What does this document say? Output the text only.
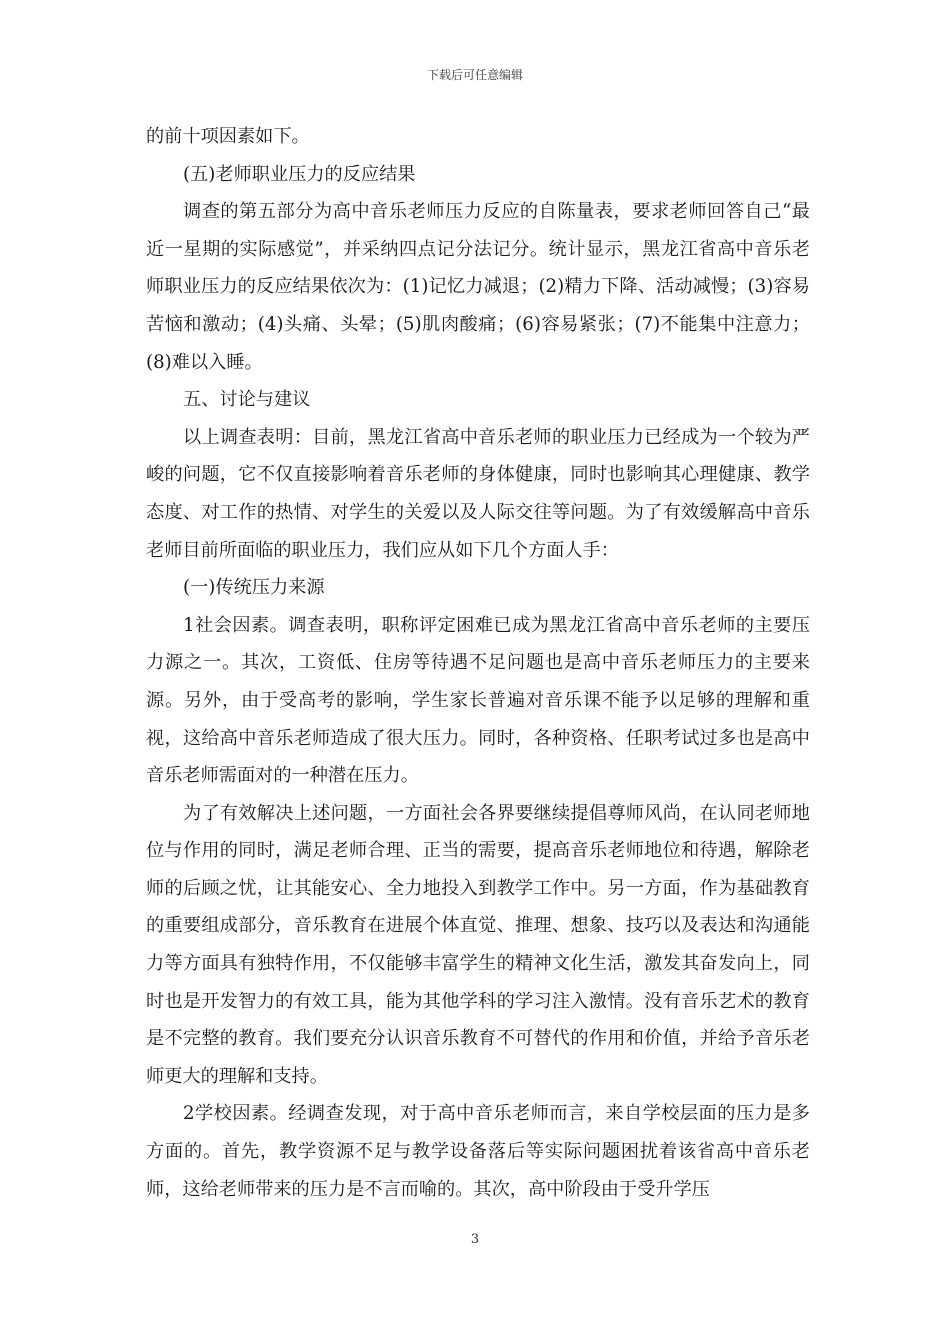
下载后可任意编辑

的前十项因素如下。

(五)老师职业压力的反应结果

调查的第五部分为高中音乐老师压力反应的自陈量表，要求老师回答自己“最近一星期的实际感觉”，并采纳四点记分法记分。统计显示，黑龙江省高中音乐老师职业压力的反应结果依次为：(1)记忆力减退；(2)精力下降、活动减慢；(3)容易苦恼和激动；(4)头痛、头晕；(5)肌肉酸痛；(6)容易紧张；(7)不能集中注意力；(8)难以入睡。

五、讨论与建议

以上调查表明：目前，黑龙江省高中音乐老师的职业压力已经成为一个较为严峻的问题，它不仅直接影响着音乐老师的身体健康，同时也影响其心理健康、教学态度、对工作的热情、对学生的关爱以及人际交往等问题。为了有效缓解高中音乐老师目前所面临的职业压力，我们应从如下几个方面人手：

(一)传统压力来源

1社会因素。调查表明，职称评定困难已成为黑龙江省高中音乐老师的主要压力源之一。其次，工资低、住房等待遇不足问题也是高中音乐老师压力的主要来源。另外，由于受高考的影响，学生家长普遍对音乐课不能予以足够的理解和重视，这给高中音乐老师造成了很大压力。同时，各种资格、任职考试过多也是高中音乐老师需面对的一种潜在压力。

为了有效解决上述问题，一方面社会各界要继续提倡尊师风尚，在认同老师地位与作用的同时，满足老师合理、正当的需要，提高音乐老师地位和待遇，解除老师的后顾之忧，让其能安心、全力地投入到教学工作中。另一方面，作为基础教育的重要组成部分，音乐教育在进展个体直觉、推理、想象、技巧以及表达和沟通能力等方面具有独特作用，不仅能够丰富学生的精神文化生活，激发其奋发向上，同时也是开发智力的有效工具，能为其他学科的学习注入激情。没有音乐艺术的教育是不完整的教育。我们要充分认识音乐教育不可替代的作用和价值，并给予音乐老师更大的理解和支持。

2学校因素。经调查发现，对于高中音乐老师而言，来自学校层面的压力是多方面的。首先，教学资源不足与教学设备落后等实际问题困扰着该省高中音乐老师，这给老师带来的压力是不言而喻的。其次，高中阶段由于受升学压

3
